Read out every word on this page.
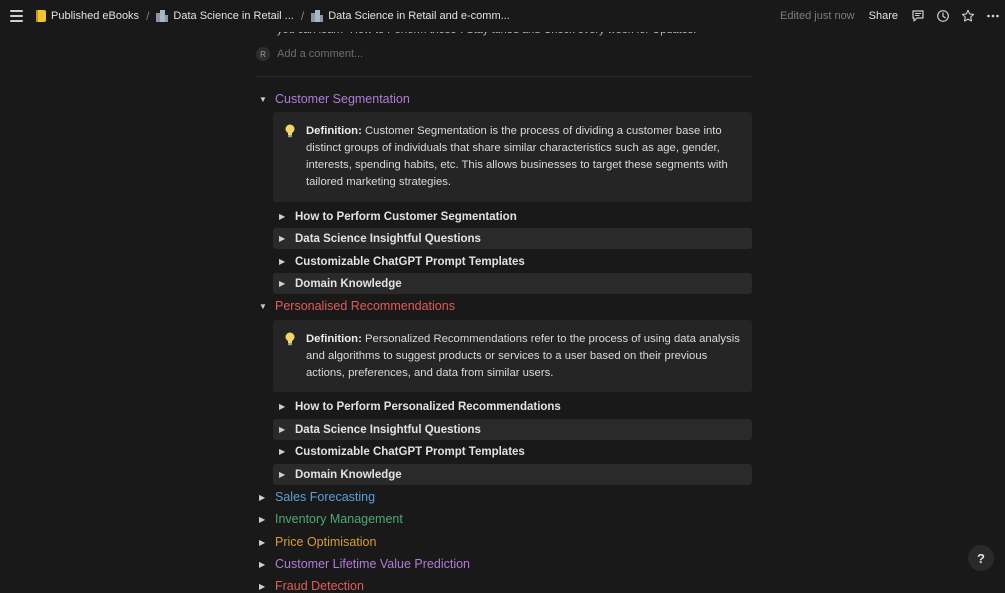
R	Add a comment...
▼ Customer Segmentation
Definition: Customer Segmentation is the process of dividing a customer base into distinct groups of individuals that share similar characteristics such as age, gender, interests, spending habits, etc. This allows businesses to target these segments with tailored marketing strategies.
▶ How to Perform Customer Segmentation
▶ Data Science Insightful Questions
▶ Customizable ChatGPT Prompt Templates
▶ Domain Knowledge
▼ Personalised Recommendations
Definition: Personalized Recommendations refer to the process of using data analysis and algorithms to suggest products or services to a user based on their previous actions, preferences, and data from similar users.
▶ How to Perform Personalized Recommendations
▶ Data Science Insightful Questions
▶ Customizable ChatGPT Prompt Templates
▶ Domain Knowledge
▶ Sales Forecasting
▶ Inventory Management
▶ Price Optimisation
▶ Customer Lifetime Value Prediction
▶ Fraud Detection
?
Published eBooks / Data Science in Retail ... / Data Science in Retail and e-comm...	Edited just now Share
